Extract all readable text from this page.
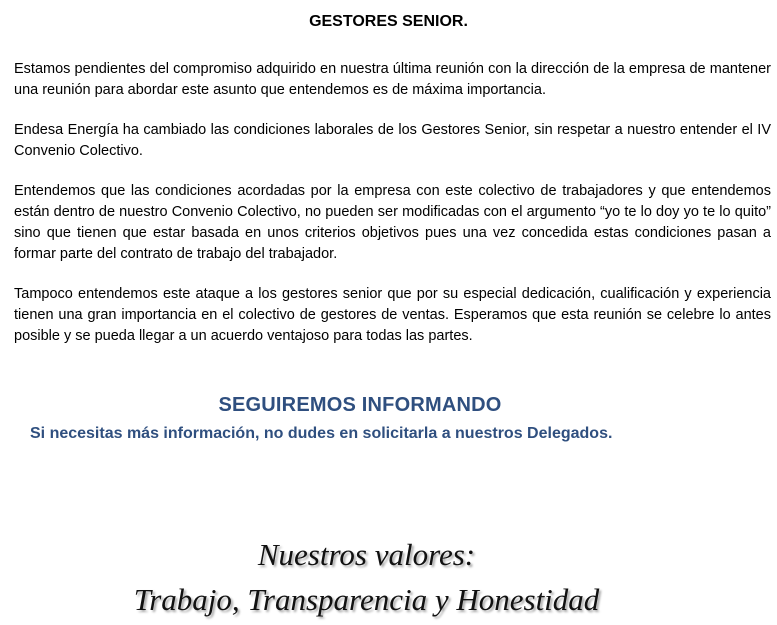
GESTORES SENIOR.

Estamos pendientes del compromiso adquirido en nuestra última reunión con la dirección de la empresa de mantener una reunión para abordar este asunto que entendemos es de máxima importancia.

Endesa Energía ha cambiado las condiciones laborales de los Gestores Senior, sin respetar a nuestro entender el IV Convenio Colectivo.

Entendemos que las condiciones acordadas por la empresa con este colectivo de trabajadores y que entendemos están dentro de nuestro Convenio Colectivo, no pueden ser modificadas con el argumento “yo te lo doy yo te lo quito” sino que tienen que estar basada en unos criterios objetivos pues una vez concedida estas condiciones pasan a formar parte del contrato de trabajo del trabajador.

Tampoco entendemos este ataque a los gestores senior que por su especial dedicación, cualificación y experiencia tienen una gran importancia en el colectivo de gestores de ventas. Esperamos que esta reunión se celebre lo antes posible y se pueda llegar a un acuerdo ventajoso para todas las partes.

SEGUIREMOS INFORMANDO
Si necesitas más información, no dudes en solicitarla a nuestros Delegados.
Nuestros valores:
Trabajo, Transparencia y Honestidad
